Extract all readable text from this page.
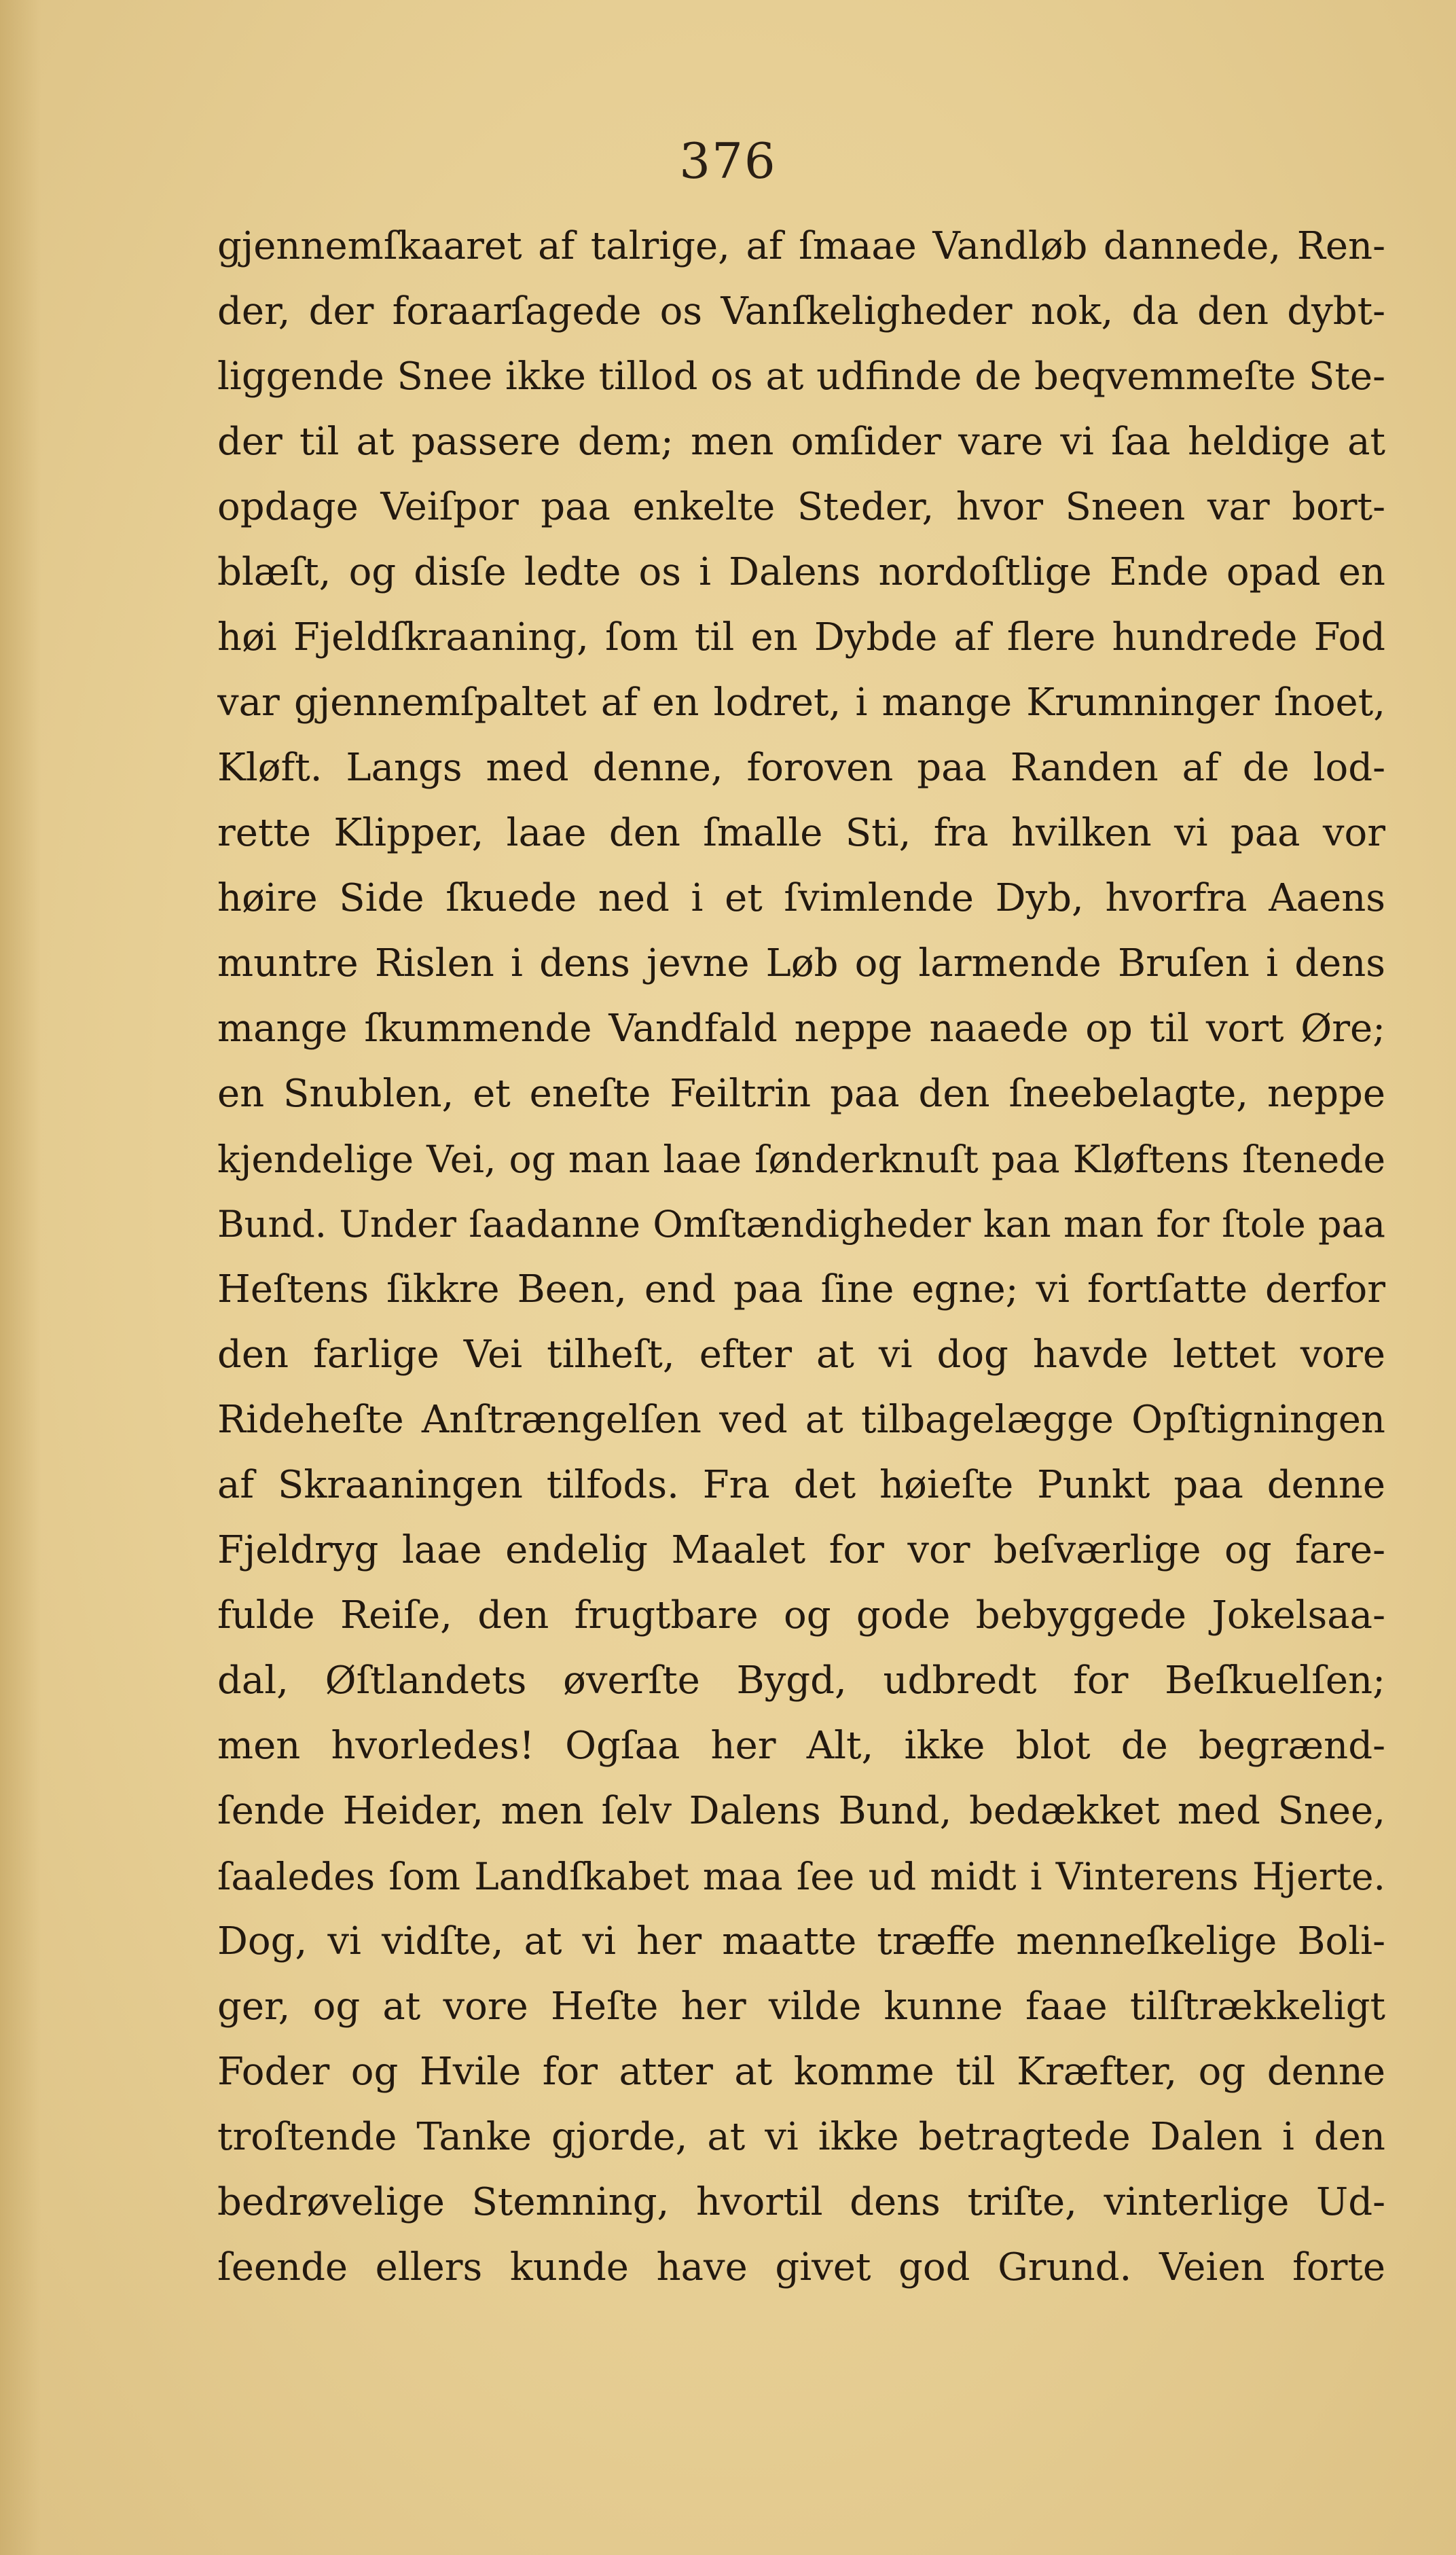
376
gjennemſkaaret af talrige, af ſmaae Vandløb dannede, Ren-
der, der foraarſagede os Vanſkeligheder nok, da den dybt-
liggende Snee ikke tillod os at udfinde de beqvemmeſte Ste-
der til at passere dem; men omſider vare vi ſaa heldige at
opdage Veiſpor paa enkelte Steder, hvor Sneen var bort-
blæſt, og disſe ledte os i Dalens nordoſtlige Ende opad en
høi Fjeldſkraaning, ſom til en Dybde af flere hundrede Fod
var gjennemſpaltet af en lodret, i mange Krumninger ſnoet,
Kløft. Langs med denne, foroven paa Randen af de lod-
rette Klipper, laae den ſmalle Sti, fra hvilken vi paa vor
høire Side ſkuede ned i et ſvimlende Dyb, hvorfra Aaens
muntre Rislen i dens jevne Løb og larmende Bruſen i dens
mange ſkummende Vandfald neppe naaede op til vort Øre;
en Snublen, et eneſte Feiltrin paa den ſneebelagte, neppe
kjendelige Vei, og man laae ſønderknuſt paa Kløftens ſtenede
Bund. Under ſaadanne Omſtændigheder kan man for ſtole paa
Heſtens ſikkre Been, end paa ſine egne; vi fortſatte derfor
den farlige Vei tilheſt, efter at vi dog havde lettet vore
Rideheſte Anſtrængelſen ved at tilbagelægge Opſtigningen
af Skraaningen tilfods. Fra det høieſte Punkt paa denne
Fjeldryg laae endelig Maalet for vor beſværlige og fare-
fulde Reiſe, den frugtbare og gode bebyggede Jokelsaa-
dal, Øſtlandets øverſte Bygd, udbredt for Beſkuelſen;
men hvorledes! Ogſaa her Alt, ikke blot de begrænd-
ſende Heider, men ſelv Dalens Bund, bedækket med Snee,
ſaaledes ſom Landſkabet maa ſee ud midt i Vinterens Hjerte.
Dog, vi vidſte, at vi her maatte træffe menneſkelige Boli-
ger, og at vore Heſte her vilde kunne faae tilſtrækkeligt
Foder og Hvile for atter at komme til Kræfter, og denne
troſtende Tanke gjorde, at vi ikke betragtede Dalen i den
bedrøvelige Stemning, hvortil dens triſte, vinterlige Ud-
ſeende ellers kunde have givet god Grund. Veien forte
